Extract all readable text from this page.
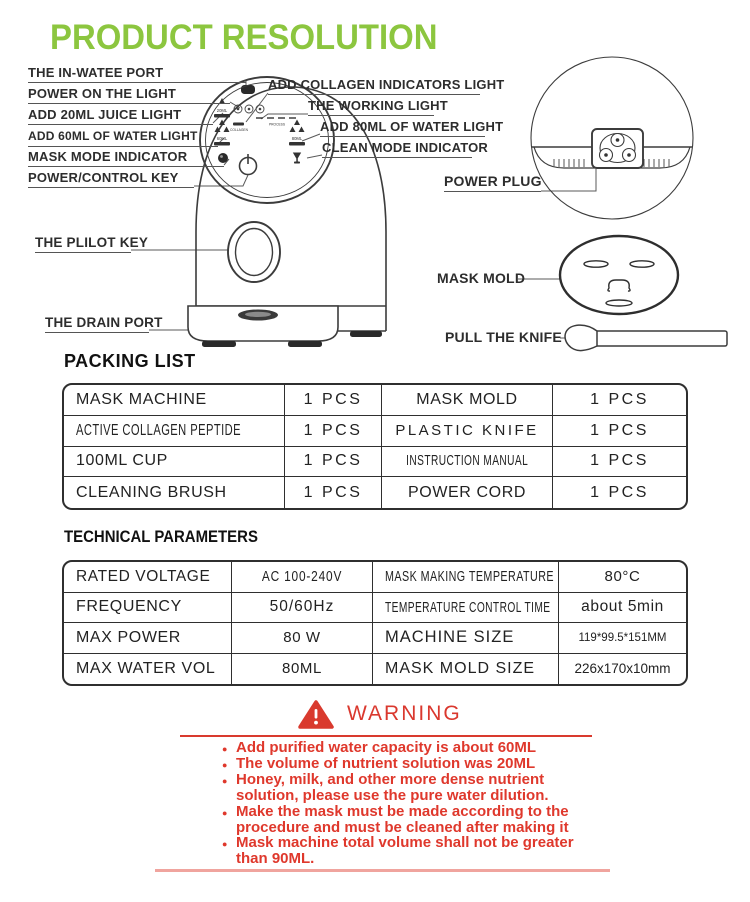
20ML
60ML
COLLAGEN
PROCESS
80ML
PRODUCT RESOLUTION
THE IN-WATEE PORT
POWER ON THE LIGHT
ADD 20ML JUICE LIGHT
ADD 60ML OF WATER LIGHT
MASK MODE INDICATOR
POWER/CONTROL KEY
ADD COLLAGEN INDICATORS LIGHT
THE WORKING LIGHT
ADD 80ML OF WATER LIGHT
CLEAN MODE INDICATOR
POWER PLUG
THE PLILOT KEY
THE DRAIN PORT
MASK MOLD
PULL THE KNIFE
PACKING LIST
MASK MACHINE	1 PCS	MASK MOLD	1 PCS
ACTIVE COLLAGEN PEPTIDE	1 PCS	PLASTIC KNIFE	1 PCS
100ML CUP	1 PCS	INSTRUCTION MANUAL	1 PCS
CLEANING BRUSH	1 PCS	POWER CORD	1 PCS
TECHNICAL PARAMETERS
RATED VOLTAGE	AC 100-240V	MASK MAKING TEMPERATURE	80°C
FREQUENCY	50/60Hz	TEMPERATURE CONTROL TIME	about 5min
MAX POWER	80 W	MACHINE SIZE	119*99.5*151MM
MAX WATER VOL	80ML	MASK MOLD SIZE	226x170x10mm
WARNING
● Add purified water capacity is about 60ML
● The volume of nutrient solution was 20ML
● Honey, milk, and other more dense nutrient solution, please use the pure water dilution.
● Make the mask must be made according to the procedure and must be cleaned after making it
● Mask machine total volume shall not be greater than 90ML.
